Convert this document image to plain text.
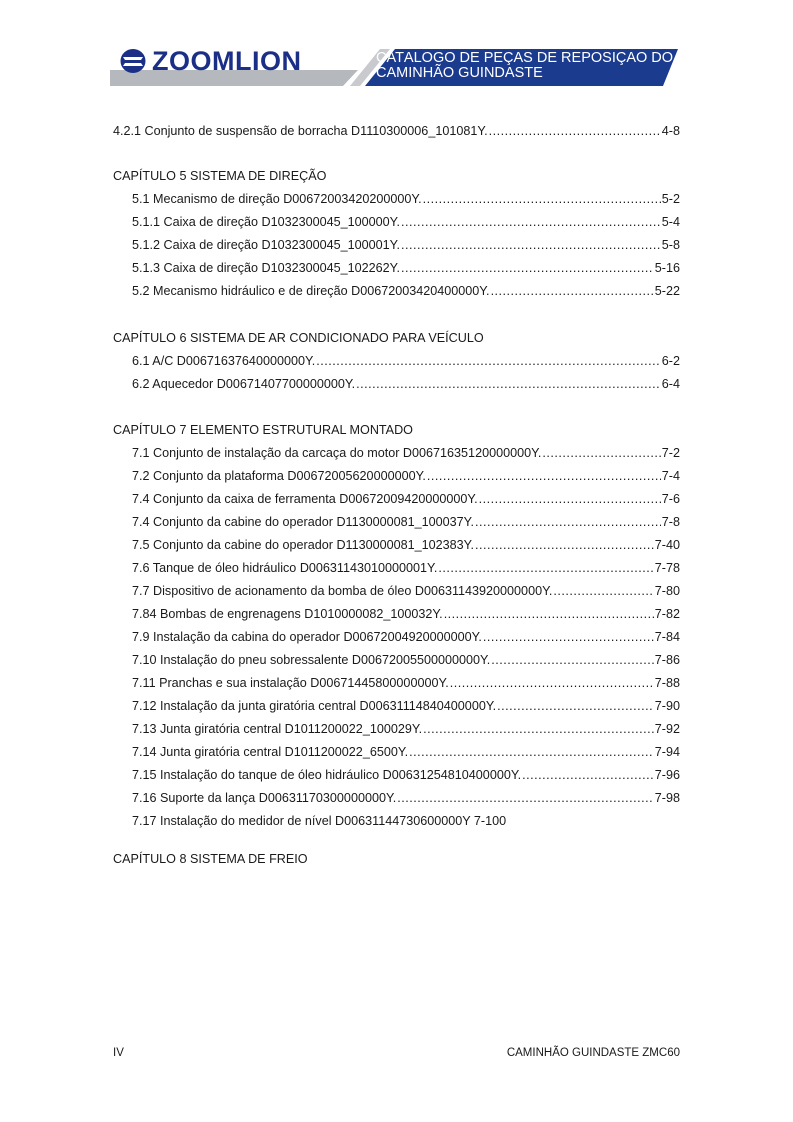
ZOOMLION	CATÁLOGO DE PEÇAS DE REPOSIÇÃO DO
CAMINHÃO GUINDASTE
4.2.1 Conjunto de suspensão de borracha D1110300006_101081Y. .....	4-8
CAPÍTULO 5 SISTEMA DE DIREÇÃO
5.1 Mecanismo de direção D00672003420200000Y. .....	5-2
5.1.1 Caixa de direção D1032300045_100000Y. .....	5-4
5.1.2 Caixa de direção D1032300045_100001Y. .....	5-8
5.1.3 Caixa de direção D1032300045_102262Y. .....	5-16
5.2 Mecanismo hidráulico e de direção D00672003420400000Y. .....	5-22
CAPÍTULO 6 SISTEMA DE AR CONDICIONADO PARA VEÍCULO
6.1 A/C D00671637640000000Y. .....	6-2
6.2 Aquecedor D00671407700000000Y. .....	6-4
CAPÍTULO 7 ELEMENTO ESTRUTURAL MONTADO
7.1 Conjunto de instalação da carcaça do motor D00671635120000000Y. .....	7-2
7.2 Conjunto da plataforma D00672005620000000Y. .....	7-4
7.4 Conjunto da caixa de ferramenta D00672009420000000Y. .....	7-6
7.4 Conjunto da cabine do operador D1130000081_100037Y. .....	7-8
7.5 Conjunto da cabine do operador D1130000081_102383Y. .....	7-40
7.6 Tanque de óleo hidráulico D00631143010000001Y. .....	7-78
7.7 Dispositivo de acionamento da bomba de óleo D00631143920000000Y. .....	7-80
7.84 Bombas de engrenagens D1010000082_100032Y. .....	7-82
7.9 Instalação da cabina do operador D00672004920000000Y. .....	7-84
7.10 Instalação do pneu sobressalente D00672005500000000Y. .....	7-86
7.11 Pranchas e sua instalação D00671445800000000Y. .....	7-88
7.12 Instalação da junta giratória central D00631114840400000Y. .....	7-90
7.13 Junta giratória central D1011200022_100029Y. .....	7-92
7.14 Junta giratória central D1011200022_6500Y. .....	7-94
7.15 Instalação do tanque de óleo hidráulico D00631254810400000Y. .....	7-96
7.16 Suporte da lança D00631170300000000Y. .....	7-98
7.17 Instalação do medidor de nível D00631144730600000Y 7-100
CAPÍTULO 8 SISTEMA DE FREIO
IV	CAMINHÃO GUINDASTE ZMC60
